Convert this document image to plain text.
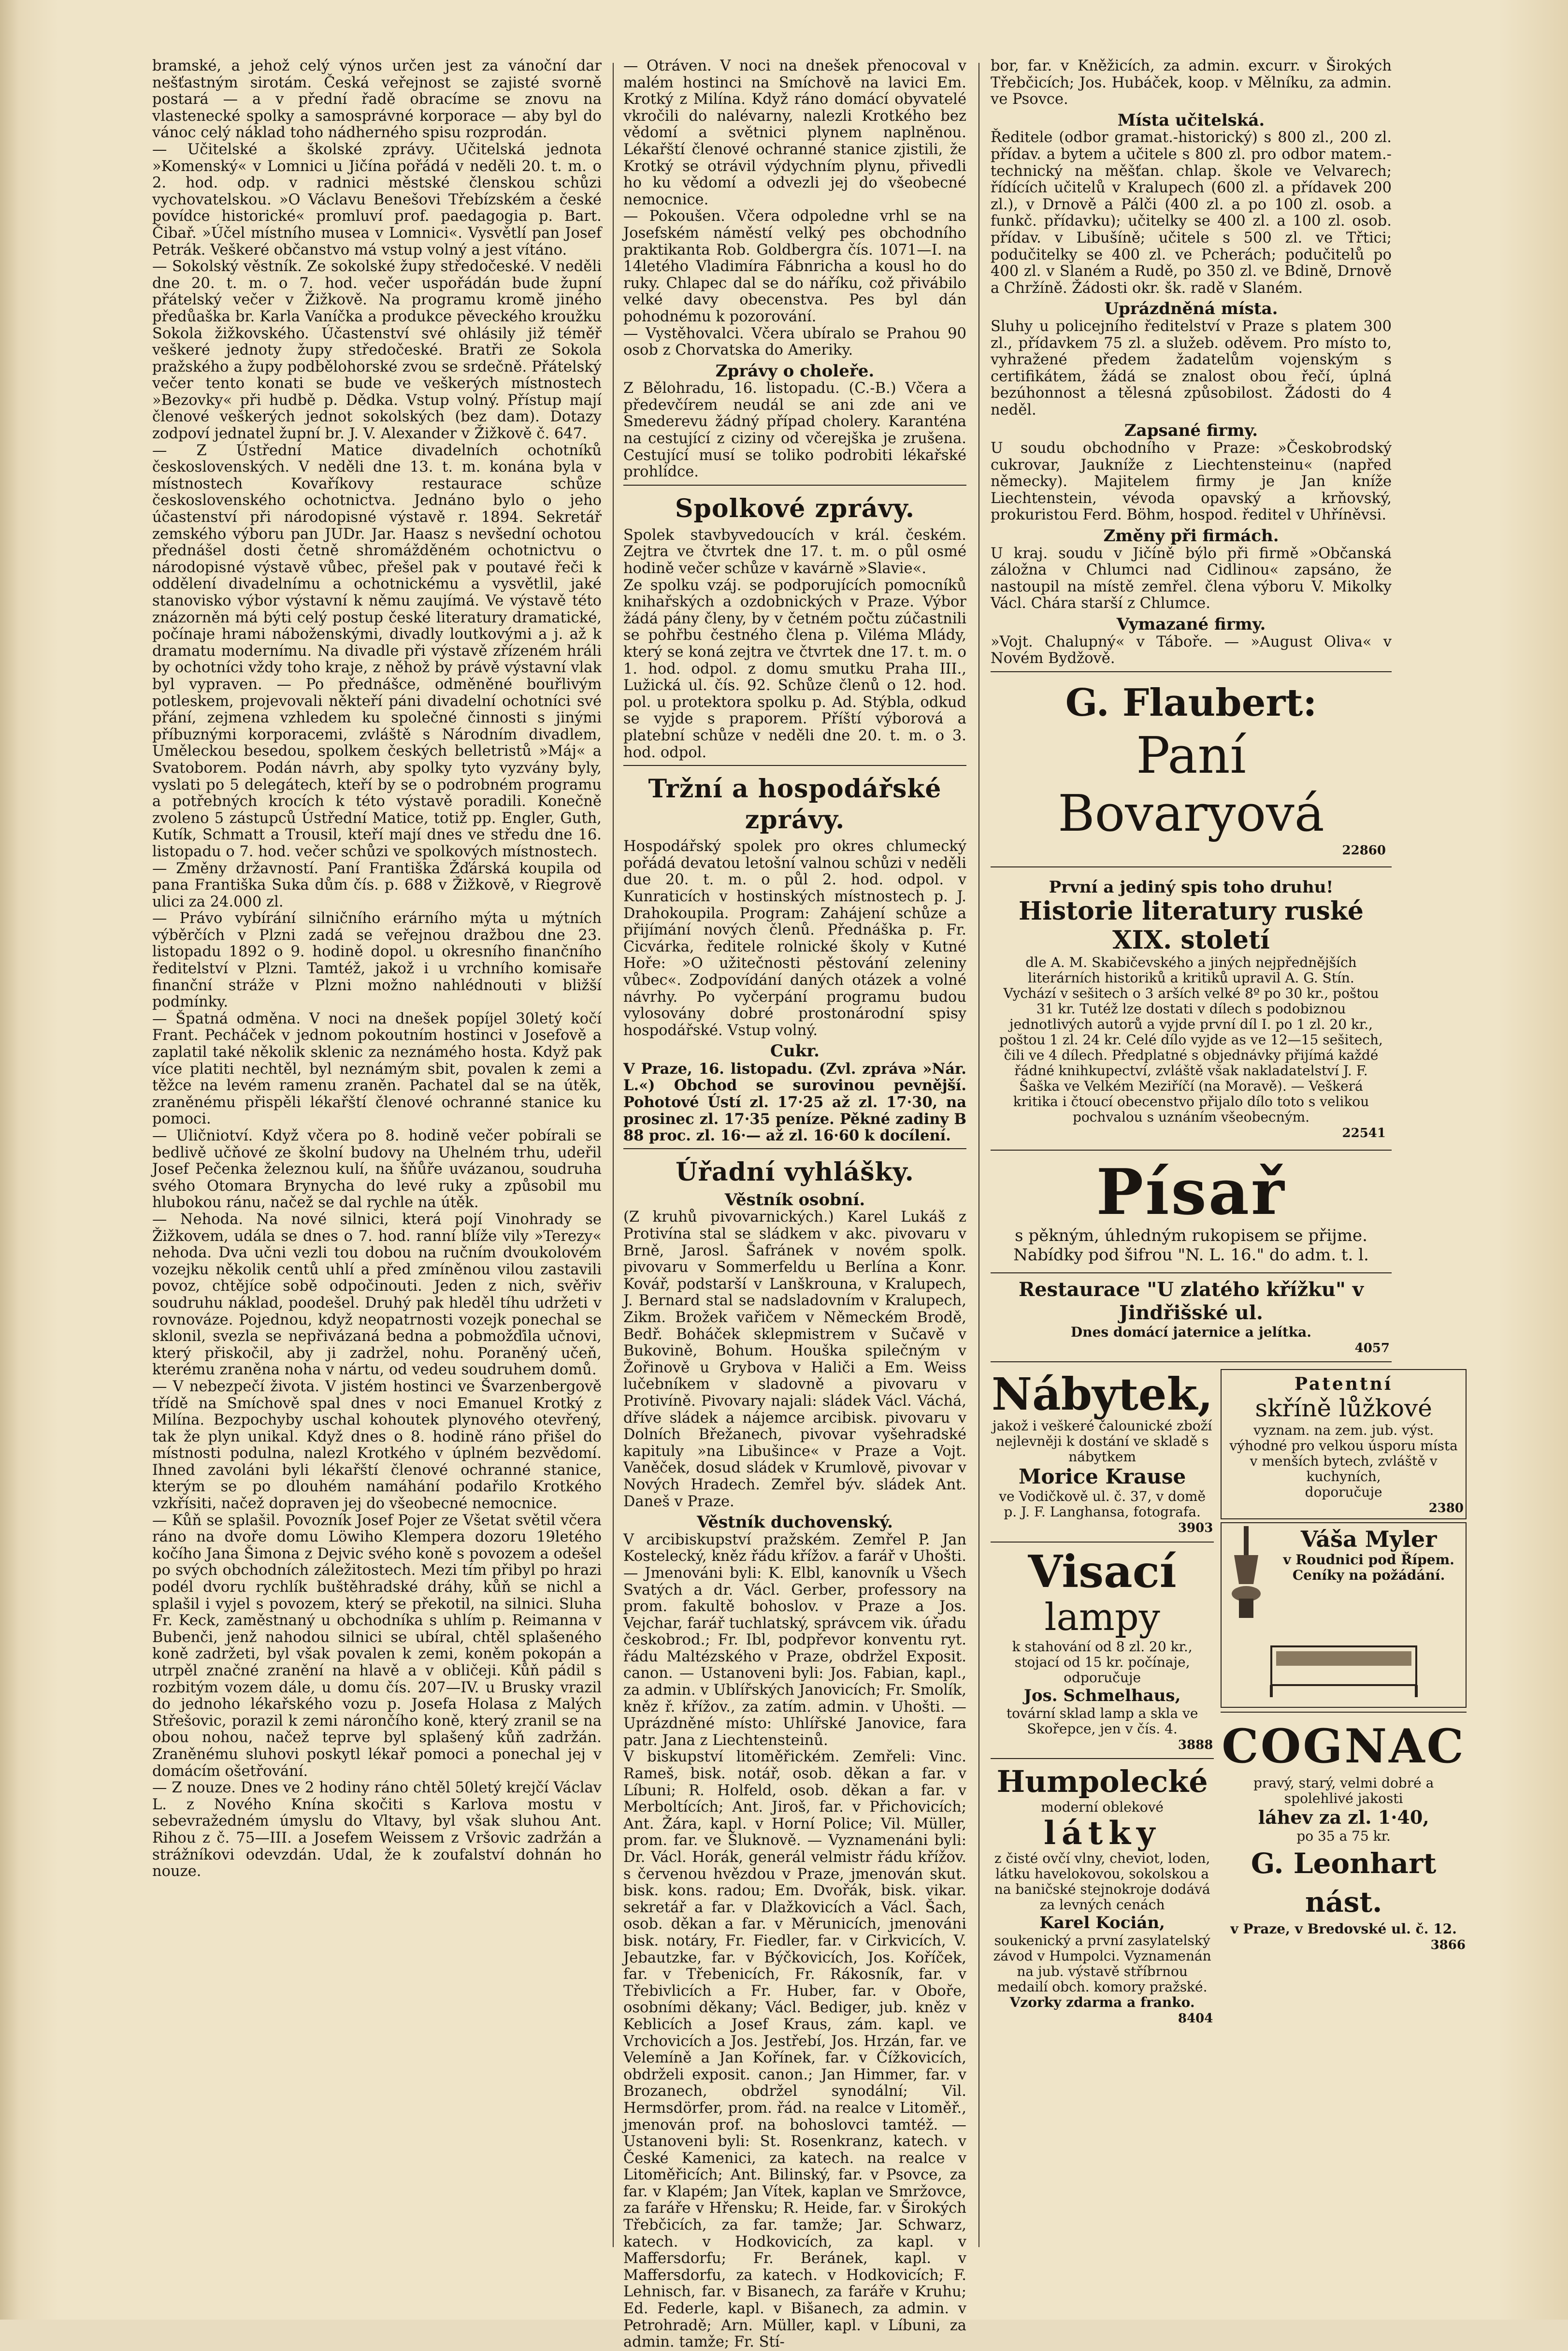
bramské, a jehož celý výnos určen jest za vánoční dar nešťastným sirotám. Česká veřejnost se zajisté svorně postará — a v přední řadě obracíme se znovu na vlastenecké spolky a samosprávné korporace — aby byl do vánoc celý náklad toho nádherného spisu rozprodán.

— Učitelské a školské zprávy. Učitelská jednota »Komenský« v Lomnici u Jičína pořádá v neděli 20. t. m. o 2. hod. odp. v radnici městské členskou schůzi vychovatelskou. »O Václavu Benešovi Třebízském a české povídce historické« promluví prof. paedagogia p. Bart. Čibař. »Účel místního musea v Lomnici«. Vysvětlí pan Josef Petrák. Veškeré občanstvo má vstup volný a jest vítáno.

— Sokolský věstník. Ze sokolské župy středočeské. V neděli dne 20. t. m. o 7. hod. večer uspořádán bude župní přátelský večer v Žižkově. Na programu kromě jiného předůaška br. Karla Vaníčka a produkce pěveckého kroužku Sokola žižkovského. Účastenství své ohlásily již téměř veškeré jednoty župy středočeské. Bratři ze Sokola pražského a župy podbělohorské zvou se srdečně. Přátelský večer tento konati se bude ve veškerých místnostech »Bezovky« při hudbě p. Dědka. Vstup volný. Přístup mají členové veškerých jednot sokolských (bez dam). Dotazy zodpoví jednatel župní br. J. V. Alexander v Žižkově č. 647.

— Z Ústřední Matice divadelních ochotníků československých. V neděli dne 13. t. m. konána byla v místnostech Kovaříkovy restaurace schůze československého ochotnictva. Jednáno bylo o jeho účastenství při národopisné výstavě r. 1894. Sekretář zemského výboru pan JUDr. Jar. Haasz s nevšední ochotou přednášel dosti četně shromážděném ochotnictvu o národopisné výstavě vůbec, přešel pak v poutavé řeči k oddělení divadelnímu a ochotnickému a vysvětlil, jaké stanovisko výbor výstavní k němu zaujímá. Ve výstavě této znázorněn má býti celý postup české literatury dramatické, počínaje hrami náboženskými, divadly loutkovými a j. až k dramatu modernímu. Na divadle při výstavě zřízeném hráli by ochotníci vždy toho kraje, z něhož by právě výstavní vlak byl vypraven. — Po přednášce, odměněné bouřlivým potleskem, projevovali někteří páni divadelní ochotníci své přání, zejmena vzhledem ku společné činnosti s jinými příbuznými korporacemi, zvláště s Národním divadlem, Uměleckou besedou, spolkem českých belletristů »Máj« a Svatoborem. Podán návrh, aby spolky tyto vyzvány byly, vyslati po 5 delegátech, kteří by se o podrobném programu a potřebných krocích k této výstavě poradili. Konečně zvoleno 5 zástupců Ústřední Matice, totiž pp. Engler, Guth, Kutík, Schmatt a Trousil, kteří mají dnes ve středu dne 16. listopadu o 7. hod. večer schůzi ve spolkových místnostech.

— Změny državností. Paní Františka Žďárská koupila od pana Františka Suka dům čís. p. 688 v Žižkově, v Riegrově ulici za 24.000 zl.

— Právo vybírání silničního erárního mýta u mýtních výběrčích v Plzni zadá se veřejnou dražbou dne 23. listopadu 1892 o 9. hodině dopol. u okresního finančního ředitelství v Plzni. Tamtéž, jakož i u vrchního komisaře finanční stráže v Plzni možno nahlédnouti v bližší podmínky.

— Špatná odměna. V noci na dnešek popíjel 30letý kočí Frant. Pecháček v jednom pokoutním hostinci v Josefově a zaplatil také několik sklenic za neznámého hosta. Když pak více platiti nechtěl, byl neznámým sbit, povalen k zemi a těžce na levém ramenu zraněn. Pachatel dal se na útěk, zraněnému přispěli lékařští členové ochranné stanice ku pomoci.

— Uličniotví. Když včera po 8. hodině večer pobírali se bedlivě učňové ze školní budovy na Uhelném trhu, udeřil Josef Pečenka železnou kulí, na šňůře uvázanou, soudruha svého Otomara Brynycha do levé ruky a způsobil mu hlubokou ránu, načež se dal rychle na útěk.

— Nehoda. Na nové silnici, která pojí Vinohrady se Žižkovem, udála se dnes o 7. hod. ranní blíže vily »Terezy« nehoda. Dva učni vezli tou dobou na ručním dvoukolovém vozejku několik centů uhlí a před zmíněnou vilou zastavili povoz, chtějíce sobě odpočinouti. Jeden z nich, svěřiv soudruhu náklad, poodešel. Druhý pak hleděl tíhu udržeti v rovnováze. Pojednou, když neopatrnosti vozejk ponechal se sklonil, svezla se nepřivázaná bedna a pobmožďila učnovi, který přiskočil, aby ji zadržel, nohu. Poraněný učeň, kterému zraněna noha v nártu, od vedeu soudruhem domů.

— V nebezpečí života. V jistém hostinci ve Švarzenbergově třídě na Smíchově spal dnes v noci Emanuel Krotký z Milína. Bezpochyby uschal kohoutek plynového otevřený, tak že plyn unikal. Když dnes o 8. hodině ráno přišel do místnosti podulna, nalezl Krotkého v úplném bezvědomí. Ihned zavoláni byli lékařští členové ochranné stanice, kterým se po dlouhém namáhání podařilo Krotkého vzkřísiti, načež dopraven jej do všeobecné nemocnice.

— Kůň se splašil. Povozník Josef Pojer ze Všetat světil včera ráno na dvoře domu Löwiho Klempera dozoru 19letého kočího Jana Šimona z Dejvic svého koně s povozem a odešel po svých obchodních záležitostech. Mezi tím přibyl po hrazi podél dvoru rychlík buštěhradské dráhy, kůň se nichl a splašil i vyjel s povozem, který se překotil, na silnici. Sluha Fr. Keck, zaměstnaný u obchodníka s uhlím p. Reimanna v Bubenči, jenž nahodou silnici se ubíral, chtěl splašeného koně zadržeti, byl však povalen k zemi, koněm pokopán a utrpěl značné zranění na hlavě a v obličeji. Kůň pádil s rozbitým vozem dále, u domu čís. 207—IV. u Brusky vrazil do jednoho lékařského vozu p. Josefa Holasa z Malých Střešovic, porazil k zemi nárončího koně, který zranil se na obou nohou, načež teprve byl splašený kůň zadržán. Zraněnému sluhovi poskytl lékař pomoci a ponechal jej v domácím ošetřování.

— Z nouze. Dnes ve 2 hodiny ráno chtěl 50letý krejčí Václav L. z Nového Knína skočiti s Karlova mostu v sebevražedném úmyslu do Vltavy, byl však sluhou Ant. Rihou z č. 75—III. a Josefem Weissem z Vršovic zadržán a strážníkovi odevzdán. Udal, že k zoufalství dohnán ho nouze.

— Otráven. V noci na dnešek přenocoval v malém hostinci na Smíchově na lavici Em. Krotký z Milína. Když ráno domácí obyvatelé vkročili do nalévarny, nalezli Krotkého bez vědomí a světnici plynem naplněnou. Lékařští členové ochranné stanice zjistili, že Krotký se otrávil výdychním plynu, přivedli ho ku vědomí a odvezli jej do všeobecné nemocnice.

— Pokoušen. Včera odpoledne vrhl se na Josefském náměstí velký pes obchodního praktikanta Rob. Goldbergra čís. 1071—I. na 14letého Vladimíra Fábnricha a kousl ho do ruky. Chlapec dal se do náříku, což přivábilo velké davy obecenstva. Pes byl dán pohodnému k pozorování.

— Vystěhovalci. Včera ubíralo se Prahou 90 osob z Chorvatska do Ameriky.

Zprávy o choleře.

Z Bělohradu, 16. listopadu. (C.-B.) Včera a předevčírem neudál se ani zde ani ve Smederevu žádný případ cholery. Karanténa na cestující z ciziny od včerejška je zrušena. Cestující musí se toliko podrobiti lékařské prohlídce.

Spolkové zprávy.

Spolek stavbyvedoucích v král. českém. Zejtra ve čtvrtek dne 17. t. m. o půl osmé hodině večer schůze v kavárně »Slavie«.

Ze spolku vzáj. se podporujících pomocníků knihařských a ozdobnických v Praze. Výbor žádá pány členy, by v četném počtu zúčastnili se pohřbu čestného člena p. Viléma Mlády, který se koná zejtra ve čtvrtek dne 17. t. m. o 1. hod. odpol. z domu smutku Praha III., Lužická ul. čís. 92. Schůze členů o 12. hod. pol. u protektora spolku p. Ad. Stýbla, odkud se vyjde s praporem. Příští výborová a platební schůze v neděli dne 20. t. m. o 3. hod. odpol.

Tržní a hospodářské zprávy.

Hospodářský spolek pro okres chlumecký pořádá devatou letošní valnou schůzi v neděli due 20. t. m. o půl 2. hod. odpol. v Kunraticích v hostinských místnostech p. J. Drahokoupila. Program: Zahájení schůze a přijímání nových členů. Přednáška p. Fr. Cicvárka, ředitele rolnické školy v Kutné Hoře: »O užitečnosti pěstování zeleniny vůbec«. Zodpovídání daných otázek a volné návrhy. Po vyčerpání programu budou vylosovány dobré prostonárodní spisy hospodářské. Vstup volný.

Cukr.

V Praze, 16. listopadu. (Zvl. zpráva »Nár. L.«) Obchod se surovinou pevnější. Pohotové Ústí zl. 17·25 až zl. 17·30, na prosinec zl. 17·35 peníze. Pěkné zadiny B 88 proc. zl. 16·— až zl. 16·60 k docílení.

Úřadní vyhlášky.
Věstník osobní.

(Z kruhů pivovarnických.) Karel Lukáš z Protivína stal se sládkem v akc. pivovaru v Brně, Jarosl. Šafránek v novém spolk. pivovaru v Sommerfeldu u Berlína a Konr. Kovář, podstarší v Lanškrouna, v Kralupech, J. Bernard stal se nadsladovním v Kralupech, Zikm. Brožek vařičem v Německém Brodě, Bedř. Boháček sklepmistrem v Sučavě v Bukovině, Bohum. Houška spilečným v Žořinově u Grybova v Haliči a Em. Weiss lučebníkem v sladovně a pivovaru v Protivíně. Pivovary najali: sládek Václ. Váchá, dříve sládek a nájemce arcibisk. pivovaru v Dolních Břežanech, pivovar vyšehradské kapituly »na Libušince« v Praze a Vojt. Vaněček, dosud sládek v Krumlově, pivovar v Nových Hradech. Zemřel býv. sládek Ant. Daneš v Praze.

Věstník duchovenský.

V arcibiskupství pražském. Zemřel P. Jan Kostelecký, kněz řádu křížov. a farář v Uhošti. — Jmenováni byli: K. Elbl, kanovník u Všech Svatých a dr. Václ. Gerber, professory na prom. fakultě bohoslov. v Praze a Jos. Vejchar, farář tuchlatský, správcem vik. úřadu českobrod.; Fr. Ibl, podpřevor konventu ryt. řádu Maltézského v Praze, obdržel Exposit. canon. — Ustanoveni byli: Jos. Fabian, kapl., za admin. v Ublířských Janovicích; Fr. Smolík, kněz ř. křížov., za zatím. admin. v Uhošti. — Uprázdněné místo: Uhlířské Janovice, fara patr. Jana z Liechtensteinů.

V biskupství litoměřickém. Zemřeli: Vinc. Rameš, bisk. notář, osob. děkan a far. v Líbuni; R. Holfeld, osob. děkan a far. v Merboltících; Ant. Jiroš, far. v Přichovicích; Ant. Žára, kapl. v Horní Police; Vil. Müller, prom. far. ve Šluknově. — Vyznamenáni byli: Dr. Václ. Horák, generál velmistr řádu křížov. s červenou hvězdou v Praze, jmenován skut. bisk. kons. radou; Em. Dvořák, bisk. vikar. sekretář a far. v Dlažkovicích a Václ. Šach, osob. děkan a far. v Měrunicích, jmenováni bisk. notáry, Fr. Fiedler, far. v Cirkvicích, V. Jebautzke, far. v Býčkovicích, Jos. Koříček, far. v Třebenicích, Fr. Rákosník, far. v Třebivlicích a Fr. Huber, far. v Oboře, osobními děkany; Václ. Bediger, jub. kněz v Keblicích a Josef Kraus, zám. kapl. ve Vrchovicích a Jos. Jestřebí, Jos. Hrzán, far. ve Velemíně a Jan Kořínek, far. v Čížkovicích, obdrželi exposit. canon.; Jan Himmer, far. v Brozanech, obdržel synodální; Vil. Hermsdörfer, prom. řád. na realce v Litoměř., jmenován prof. na bohoslovci tamtéž. — Ustanoveni byli: St. Rosenkranz, katech. v České Kamenici, za katech. na realce v Litoměřicích; Ant. Bilinský, far. v Psovce, za far. v Klapém; Jan Vítek, kaplan ve Smržovce, za faráře v Hřensku; R. Heide, far. v Širokých Třebčicích, za far. tamže; Jar. Schwarz, katech. v Hodkovicích, za kapl. v Maffersdorfu; Fr. Beránek, kapl. v Maffersdorfu, za katech. v Hodkovicích; F. Lehnisch, far. v Bisanech, za faráře v Kruhu; Ed. Federle, kapl. v Bišanech, za admin. v Petrohradě; Arn. Müller, kapl. v Líbuni, za admin. tamže; Fr. Stí-

bor, far. v Kněžicích, za admin. excurr. v Širokých Třebčicích; Jos. Hubáček, koop. v Mělníku, za admin. ve Psovce.

Místa učitelská.

Ředitele (odbor gramat.-historický) s 800 zl., 200 zl. přídav. a bytem a učitele s 800 zl. pro odbor matem.-technický na měšťan. chlap. škole ve Velvarech; řídících učitelů v Kralupech (600 zl. a přídavek 200 zl.), v Drnově a Pálči (400 zl. a po 100 zl. osob. a funkč. přídavku); učitelky se 400 zl. a 100 zl. osob. přídav. v Libušíně; učitele s 500 zl. ve Třtici; podučitelky se 400 zl. ve Pcherách; podučitelů po 400 zl. v Slaném a Rudě, po 350 zl. ve Bdině, Drnově a Chržíně. Žádosti okr. šk. radě v Slaném.

Uprázdněná místa.

Sluhy u policejního ředitelství v Praze s platem 300 zl., přídavkem 75 zl. a služeb. oděvem. Pro místo to, vyhražené předem žadatelům vojenským s certifikátem, žádá se znalost obou řečí, úplná bezúhonnost a tělesná způsobilost. Žádosti do 4 neděl.

Zapsané firmy.

U soudu obchodního v Praze: »Českobrodský cukrovar, Jaukníže z Liechtensteinu« (napřed německy). Majitelem firmy je Jan kníže Liechtenstein, vévoda opavský a krňovský, prokuristou Ferd. Böhm, hospod. ředitel v Uhříněvsi.

Změny při firmách.

U kraj. soudu v Jičíně býlo při firmě »Občanská záložna v Chlumci nad Cidlinou« zapsáno, že nastoupil na místě zemřel. člena výboru V. Mikolky Václ. Chára starší z Chlumce.

Vymazané firmy.

»Vojt. Chalupný« v Táboře. — »August Oliva« v Novém Bydžově.

G. Flaubert:
Paní Bovaryová
22860
První a jediný spis toho druhu!
Historie literatury ruské XIX. století

dle A. M. Skabičevského a jiných nejpřednějších literárních historiků a kritiků upravil A. G. Stín.

Vychází v sešitech o 3 arších velké 8º po 30 kr., poštou 31 kr. Tutéž lze dostati v dílech s podobiznou jednotlivých autorů a vyjde první díl I. po 1 zl. 20 kr., poštou 1 zl. 24 kr. Celé dílo vyjde as ve 12—15 sešitech, čili ve 4 dílech. Předplatné s objednávky přijímá každé řádné knihkupectví, zvláště však nakladatelství J. F. Šaška ve Velkém Meziříčí (na Moravě). — Veškerá kritika i čtoucí obecenstvo přijalo dílo toto s velikou pochvalou s uznáním všeobecným.

22541
Písař

s pěkným, úhledným rukopisem se přijme. Nabídky pod šifrou "N. L. 16." do adm. t. l.

Restaurace "U zlatého křížku" v Jindřišské ul.
Dnes domácí jaternice a jelítka.
4057
Nábytek,

jakož i veškeré čalounické zboží nejlevněji k dostání ve skladě s nábytkem

Morice Krause

ve Vodičkově ul. č. 37, v domě p. J. F. Langhansa, fotografa.

3903
Visací
lampy

k stahování od 8 zl. 20 kr., stojací od 15 kr. počínaje, odporučuje

Jos. Schmelhaus,

tovární sklad lamp a skla ve Skořepce, jen v čís. 4.

3888
Humpolecké
moderní oblekové
látky

z čisté ovčí vlny, cheviot, loden, látku havelokovou, sokolskou a na baničské stejnokroje dodává za levných cenách

Karel Kocián,

soukenický a první zasylatelský závod v Humpolci. Vyznamenán na jub. výstavě stříbrnou medailí obch. komory pražské.

Vzorky zdarma a franko.
8404
Patentní
skříně lůžkové

vyznam. na zem. jub. výst. výhodné pro velkou úsporu místa v menších bytech, zvláště v kuchyních,

doporučuje
2380
Váša Myler
v Roudnici pod Řípem.
Ceníky na požádání.
COGNAC

pravý, starý, velmi dobré a spolehlivé jakosti

láhev za zl. 1·40,
po 35 a 75 kr.
G. Leonhart nást.
v Praze, v Bredovské ul. č. 12.
3866
